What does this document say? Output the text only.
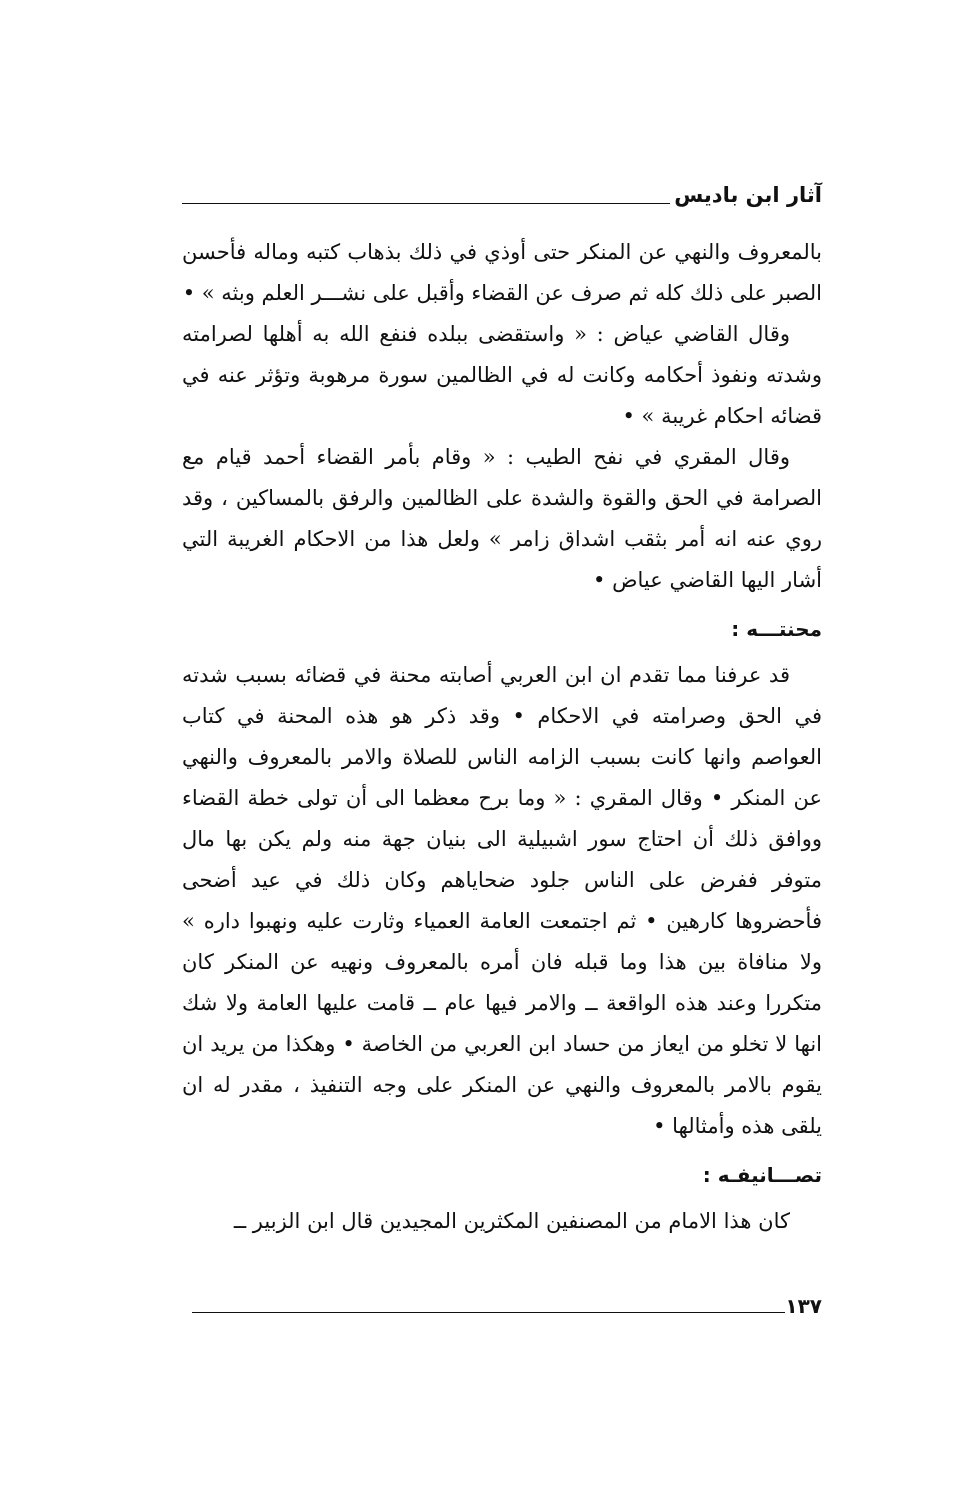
آثار ابن باديس

بالمعروف والنهي عن المنكر حتى أوذي في ذلك بذهاب كتبه وماله فأحسن الصبر على ذلك كله ثم صرف عن القضاء وأقبل على نشـــر العلم وبثه » •

وقال القاضي عياض : « واستقضى ببلده فنفع الله به أهلها لصرامته وشدته ونفوذ أحكامه وكانت له في الظالمين سورة مرهوبة وتؤثر عنه في قضائه احكام غريبة » •

وقال المقري في نفح الطيب : « وقام بأمر القضاء أحمد قيام مع الصرامة في الحق والقوة والشدة على الظالمين والرفق بالمساكين ، وقد روي عنه انه أمر بثقب اشداق زامر » ولعل هذا من الاحكام الغريبة التي أشار اليها القاضي عياض •

محنتـــه :

قد عرفنا مما تقدم ان ابن العربي أصابته محنة في قضائه بسبب شدته في الحق وصرامته في الاحكام • وقد ذكر هو هذه المحنة في كتاب العواصم وانها كانت بسبب الزامه الناس للصلاة والامر بالمعروف والنهي عن المنكر • وقال المقري : « وما برح معظما الى أن تولى خطة القضاء ووافق ذلك أن احتاج سور اشبيلية الى بنيان جهة منه ولم يكن بها مال متوفر ففرض على الناس جلود ضحاياهم وكان ذلك في عيد أضحى فأحضروها كارهين • ثم اجتمعت العامة العمياء وثارت عليه ونهبوا داره » ولا منافاة بين هذا وما قبله فان أمره بالمعروف ونهيه عن المنكر كان متكررا وعند هذه الواقعة ــ والامر فيها عام ــ قامت عليها العامة ولا شك انها لا تخلو من ايعاز من حساد ابن العربي من الخاصة • وهكذا من يريد ان يقوم بالامر بالمعروف والنهي عن المنكر على وجه التنفيذ ، مقدر له ان يلقى هذه وأمثالها •

تصـــانيفـه :

كان هذا الامام من المصنفين المكثرين المجيدين قال ابن الزبير ــ

١٣٧
